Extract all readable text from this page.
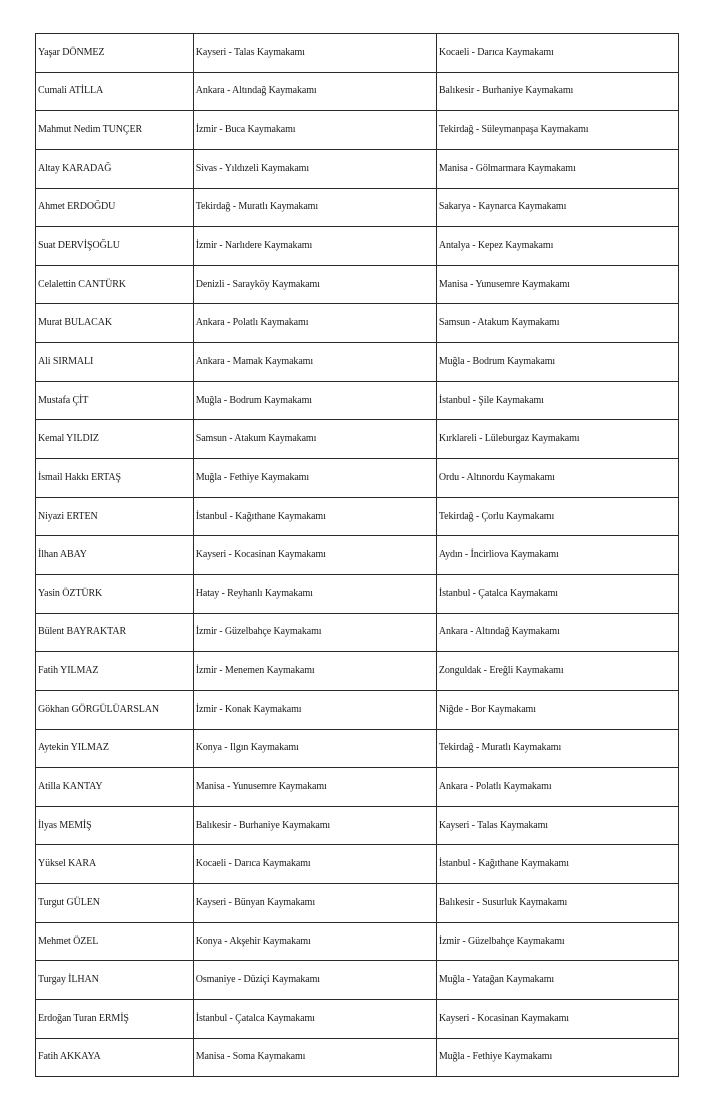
Yaşar DÖNMEZ	Kayseri - Talas Kaymakamı	Kocaeli - Darıca Kaymakamı
Cumali ATİLLA	Ankara - Altındağ Kaymakamı	Balıkesir - Burhaniye Kaymakamı
Mahmut Nedim TUNÇER	İzmir - Buca Kaymakamı	Tekirdağ - Süleymanpaşa Kaymakamı
Altay KARADAĞ	Sivas - Yıldızeli Kaymakamı	Manisa - Gölmarmara Kaymakamı
Ahmet ERDOĞDU	Tekirdağ - Muratlı Kaymakamı	Sakarya - Kaynarca Kaymakamı
Suat DERVİŞOĞLU	İzmir - Narlıdere Kaymakamı	Antalya - Kepez Kaymakamı
Celalettin CANTÜRK	Denizli - Sarayköy Kaymakamı	Manisa - Yunusemre Kaymakamı
Murat BULACAK	Ankara - Polatlı Kaymakamı	Samsun - Atakum Kaymakamı
Ali SIRMALI	Ankara - Mamak Kaymakamı	Muğla - Bodrum Kaymakamı
Mustafa ÇİT	Muğla - Bodrum Kaymakamı	İstanbul - Şile Kaymakamı
Kemal YILDIZ	Samsun - Atakum Kaymakamı	Kırklareli - Lüleburgaz Kaymakamı
İsmail Hakkı ERTAŞ	Muğla - Fethiye Kaymakamı	Ordu - Altınordu Kaymakamı
Niyazi ERTEN	İstanbul - Kağıthane Kaymakamı	Tekirdağ - Çorlu Kaymakamı
İlhan ABAY	Kayseri - Kocasinan Kaymakamı	Aydın - İncirliova Kaymakamı
Yasin ÖZTÜRK	Hatay - Reyhanlı Kaymakamı	İstanbul - Çatalca Kaymakamı
Bülent BAYRAKTAR	İzmir - Güzelbahçe Kaymakamı	Ankara - Altındağ Kaymakamı
Fatih YILMAZ	İzmir - Menemen Kaymakamı	Zonguldak - Ereğli Kaymakamı
Gökhan GÖRGÜLÜARSLAN	İzmir - Konak Kaymakamı	Niğde - Bor Kaymakamı
Aytekin YILMAZ	Konya - Ilgın Kaymakamı	Tekirdağ - Muratlı Kaymakamı
Atilla KANTAY	Manisa - Yunusemre Kaymakamı	Ankara - Polatlı Kaymakamı
İlyas MEMİŞ	Balıkesir - Burhaniye Kaymakamı	Kayseri - Talas Kaymakamı
Yüksel KARA	Kocaeli - Darıca Kaymakamı	İstanbul - Kağıthane Kaymakamı
Turgut GÜLEN	Kayseri - Bünyan Kaymakamı	Balıkesir - Susurluk Kaymakamı
Mehmet ÖZEL	Konya - Akşehir Kaymakamı	İzmir - Güzelbahçe Kaymakamı
Turgay İLHAN	Osmaniye - Düziçi Kaymakamı	Muğla - Yatağan Kaymakamı
Erdoğan Turan ERMİŞ	İstanbul - Çatalca Kaymakamı	Kayseri - Kocasinan Kaymakamı
Fatih AKKAYA	Manisa - Soma Kaymakamı	Muğla - Fethiye Kaymakamı
